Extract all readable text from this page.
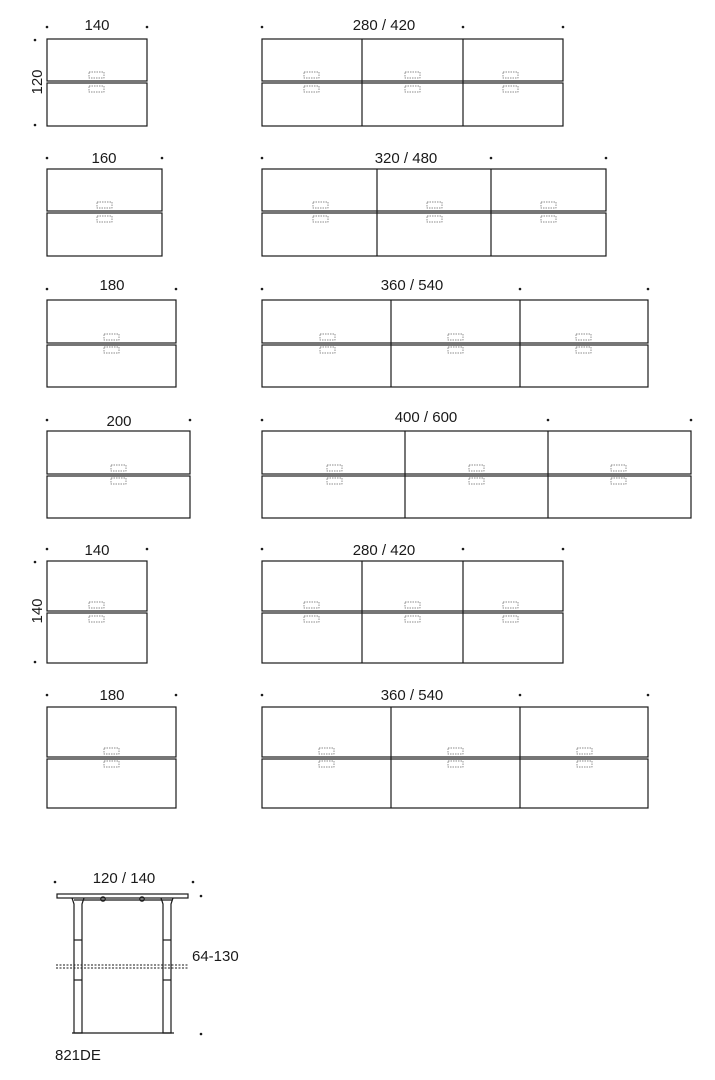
140
120
280 / 420
160	320 / 480
180	360 / 540
200	400 / 600
140
140
280 / 420
180	360 / 540
120 / 140
64-130
821DE
